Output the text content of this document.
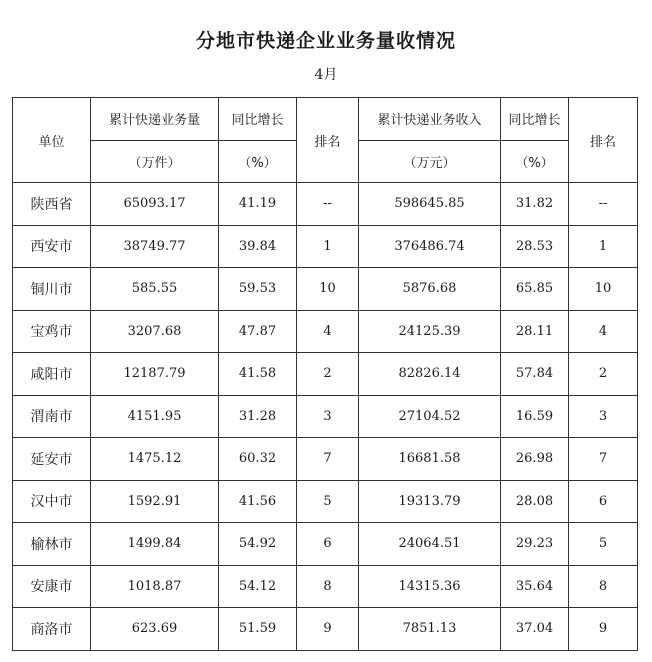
分地市快递企业业务量收情况
4月
单位	累计快递业务量	同比增长	排名	累计快递业务收入	同比增长	排名
	（万件）	（%）		（万元）	（%）	
陕西省	65093.17	41.19	--	598645.85	31.82	--
西安市	38749.77	39.84	1	376486.74	28.53	1
铜川市	585.55	59.53	10	5876.68	65.85	10
宝鸡市	3207.68	47.87	4	24125.39	28.11	4
咸阳市	12187.79	41.58	2	82826.14	57.84	2
渭南市	4151.95	31.28	3	27104.52	16.59	3
延安市	1475.12	60.32	7	16681.58	26.98	7
汉中市	1592.91	41.56	5	19313.79	28.08	6
榆林市	1499.84	54.92	6	24064.51	29.23	5
安康市	1018.87	54.12	8	14315.36	35.64	8
商洛市	623.69	51.59	9	7851.13	37.04	9
